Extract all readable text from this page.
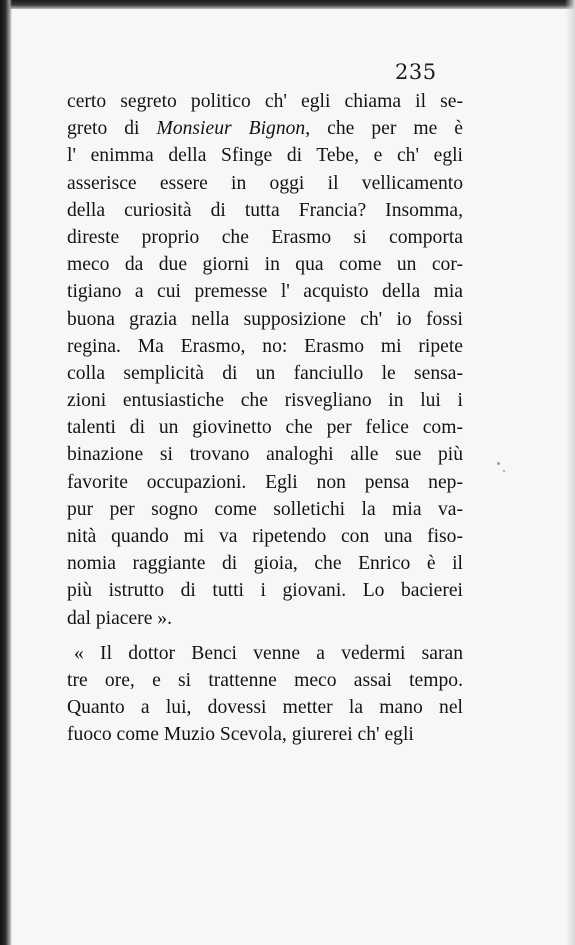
235
certo segreto politico ch' egli chiama il se-
greto di Monsieur Bignon, che per me è
l' enimma della Sfinge di Tebe, e ch' egli
asserisce essere in oggi il vellicamento
della curiosità di tutta Francia? Insomma,
direste proprio che Erasmo si comporta
meco da due giorni in qua come un cor-
tigiano a cui premesse l' acquisto della mia
buona grazia nella supposizione ch' io fossi
regina. Ma Erasmo, no: Erasmo mi ripete
colla semplicità di un fanciullo le sensa-
zioni entusiastiche che risvegliano in lui i
talenti di un giovinetto che per felice com-
binazione si trovano analoghi alle sue più
favorite occupazioni. Egli non pensa nep-
pur per sogno come solletichi la mia va-
nità quando mi va ripetendo con una fiso-
nomia raggiante di gioia, che Enrico è il
più istrutto di tutti i giovani. Lo bacierei
dal piacere ».
« Il dottor Benci venne a vedermi saran
tre ore, e si trattenne meco assai tempo.
Quanto a lui, dovessi metter la mano nel
fuoco come Muzio Scevola, giurerei ch' egli
